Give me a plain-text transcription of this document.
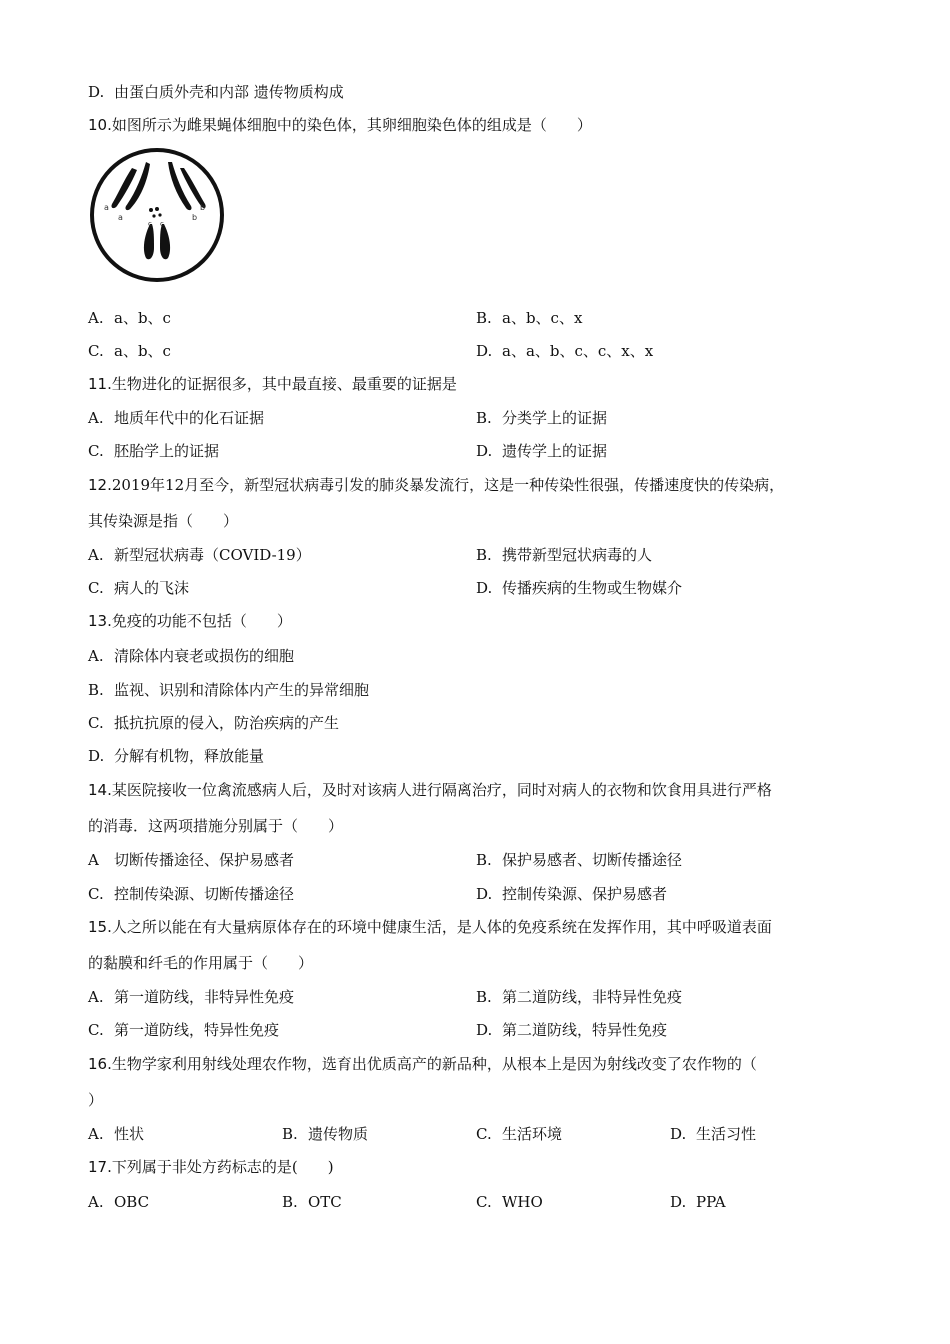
D. 由蛋白质外壳和内部 遗传物质构成
10.如图所示为雌果蝇体细胞中的染色体，其卵细胞染色体的组成是（　　）
a
a
b
b
c c
A. a、b、c	B. a、b、c、x
C. a、b、c	D. a、a、b、c、c、x、x
11.生物进化的证据很多，其中最直接、最重要的证据是
A. 地质年代中的化石证据	B. 分类学上的证据
C. 胚胎学上的证据	D. 遗传学上的证据
12.2019年12月至今，新型冠状病毒引发的肺炎暴发流行，这是一种传染性很强，传播速度快的传染病，
其传染源是指（　　）
A. 新型冠状病毒（COVID-19）	B. 携带新型冠状病毒的人
C. 病人的飞沫	D. 传播疾病的生物或生物媒介
13.免疫的功能不包括（　　）
A. 清除体内衰老或损伤的细胞
B. 监视、识别和清除体内产生的异常细胞
C. 抵抗抗原的侵入，防治疾病的产生
D. 分解有机物，释放能量
14.某医院接收一位禽流感病人后，及时对该病人进行隔离治疗，同时对病人的衣物和饮食用具进行严格
的消毒．这两项措施分别属于（　　）
A 切断传播途径、保护易感者	B. 保护易感者、切断传播途径
C. 控制传染源、切断传播途径	D. 控制传染源、保护易感者
15.人之所以能在有大量病原体存在的环境中健康生活，是人体的免疫系统在发挥作用，其中呼吸道表面
的黏膜和纤毛的作用属于（　　）
A. 第一道防线，非特异性免疫	B. 第二道防线，非特异性免疫
C. 第一道防线，特异性免疫	D. 第二道防线，特异性免疫
16.生物学家利用射线处理农作物，选育出优质高产的新品种，从根本上是因为射线改变了农作物的（
）
A. 性状	B. 遗传物质	C. 生活环境	D. 生活习性
17.下列属于非处方药标志的是(　　)
A. OBC	B. OTC	C. WHO	D. PPA
